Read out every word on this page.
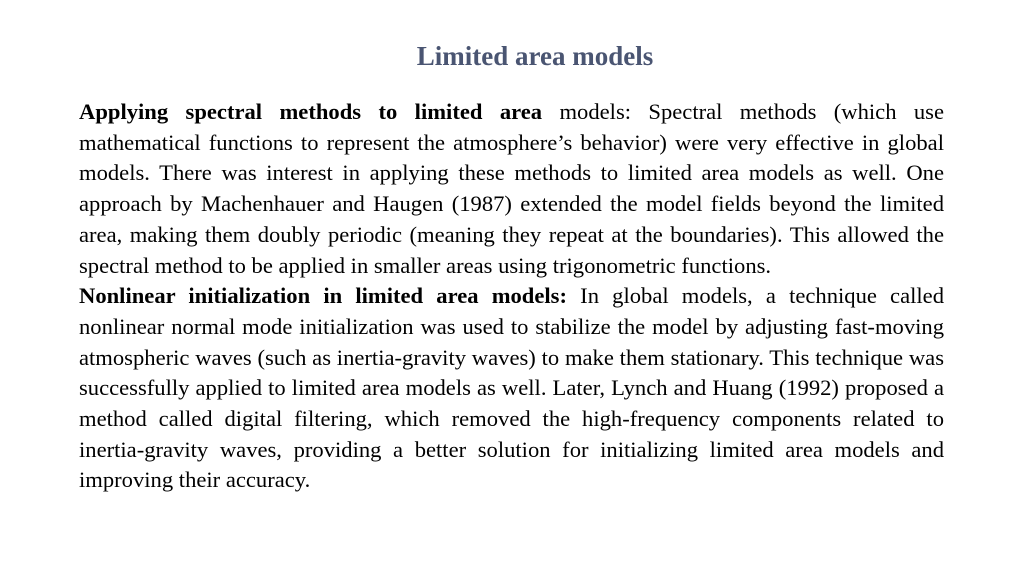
Limited area models

Applying spectral methods to limited area models: Spectral methods (which use mathematical functions to represent the atmosphere’s behavior) were very effective in global models. There was interest in applying these methods to limited area models as well. One approach by Machenhauer and Haugen (1987) extended the model fields beyond the limited area, making them doubly periodic (meaning they repeat at the boundaries). This allowed the spectral method to be applied in smaller areas using trigonometric functions.

Nonlinear initialization in limited area models: In global models, a technique called nonlinear normal mode initialization was used to stabilize the model by adjusting fast-moving atmospheric waves (such as inertia-gravity waves) to make them stationary. This technique was successfully applied to limited area models as well. Later, Lynch and Huang (1992) proposed a method called digital filtering, which removed the high-frequency components related to inertia-gravity waves, providing a better solution for initializing limited area models and improving their accuracy.
